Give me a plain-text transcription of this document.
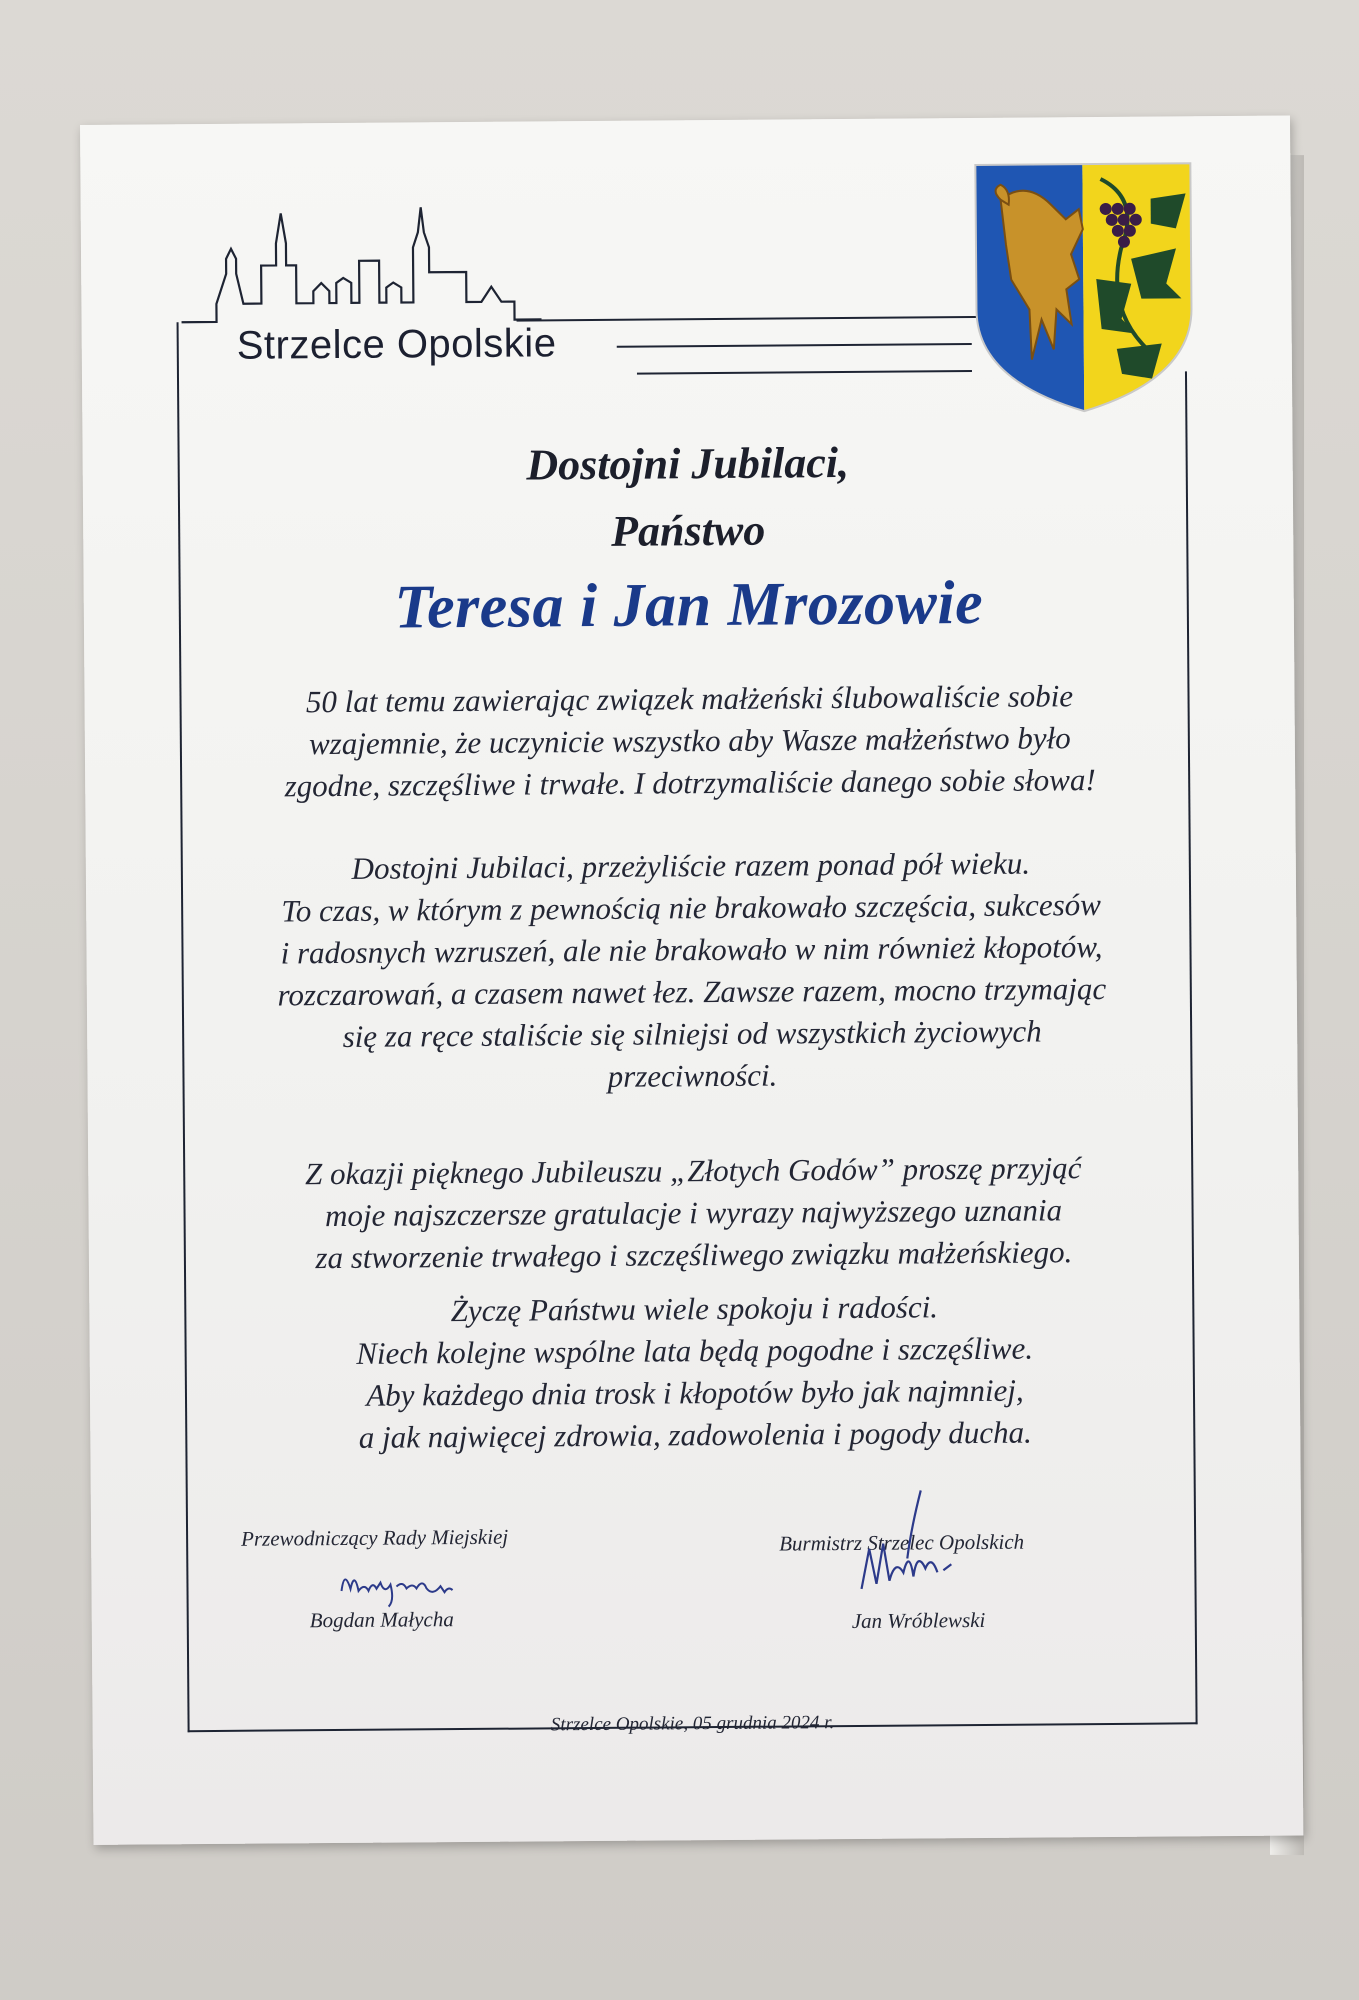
Strzelce Opolskie
Dostojni Jubilaci,
Państwo
Teresa i Jan Mrozowie
50 lat temu zawierając związek małżeński ślubowaliście sobie
wzajemnie, że uczynicie wszystko aby Wasze małżeństwo było
zgodne, szczęśliwe i trwałe. I dotrzymaliście danego sobie słowa!
Dostojni Jubilaci, przeżyliście razem ponad pół wieku.
To czas, w którym z pewnością nie brakowało szczęścia, sukcesów
i radosnych wzruszeń, ale nie brakowało w nim również kłopotów,
rozczarowań, a czasem nawet łez. Zawsze razem, mocno trzymając
się za ręce staliście się silniejsi od wszystkich życiowych
przeciwności.
Z okazji pięknego Jubileuszu „Złotych Godów” proszę przyjąć
moje najszczersze gratulacje i wyrazy najwyższego uznania
za stworzenie trwałego i szczęśliwego związku małżeńskiego.
Życzę Państwu wiele spokoju i radości.
Niech kolejne wspólne lata będą pogodne i szczęśliwe.
Aby każdego dnia trosk i kłopotów było jak najmniej,
a jak najwięcej zdrowia, zadowolenia i pogody ducha.
Przewodniczący Rady Miejskiej
Bogdan Małycha
Burmistrz Strzelec Opolskich
Jan Wróblewski
Strzelce Opolskie, 05 grudnia 2024 r.
